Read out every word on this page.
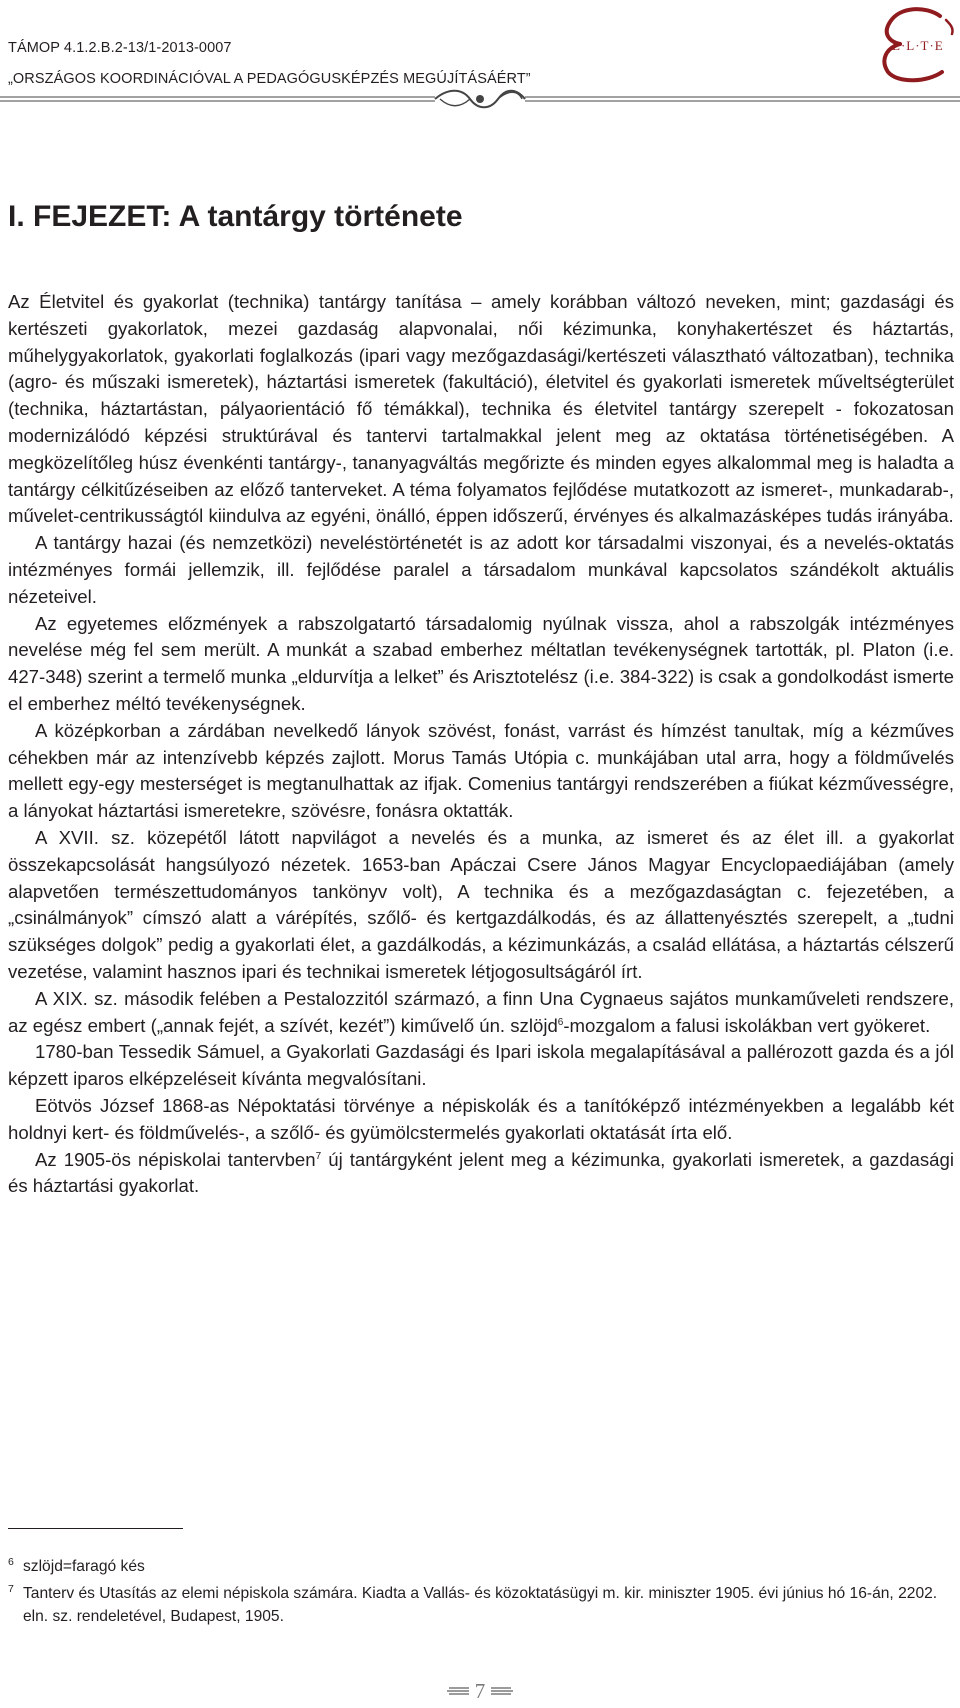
TÁMOP 4.1.2.B.2-13/1-2013-0007
„ORSZÁGOS KOORDINÁCIÓVAL A PEDAGÓGUSKÉPZÉS MEGÚJÍTÁSÁÉRT”
E·L·T·E
I. FEJEZET: A tantárgy története

Az Életvitel és gyakorlat (technika) tantárgy tanítása – amely korábban változó neveken, mint; gazdasági és kertészeti gyakorlatok, mezei gazdaság alapvonalai, női kézimunka, konyhakertészet és háztartás, műhelygyakorlatok, gyakorlati foglalkozás (ipari vagy mezőgazdasági/kertészeti választható változatban), technika (agro- és műszaki ismeretek), háztartási ismeretek (fakultáció), életvitel és gyakorlati ismeretek műveltségterület (technika, háztartástan, pályaorientáció fő témákkal), technika és életvitel tantárgy szerepelt - fokozatosan modernizálódó képzési struktúrával és tantervi tartalmakkal jelent meg az oktatása történetiségében. A megközelítőleg húsz évenkénti tantárgy-, tananyagváltás megőrizte és minden egyes alkalommal meg is haladta a tantárgy célkitűzéseiben az előző tanterveket. A téma folyamatos fejlődése mutatkozott az ismeret-, munkadarab-, művelet-centrikusságtól kiindulva az egyéni, önálló, éppen időszerű, érvényes és alkalmazásképes tudás irányába.

A tantárgy hazai (és nemzetközi) neveléstörténetét is az adott kor társadalmi viszonyai, és a nevelés-oktatás intézményes formái jellemzik, ill. fejlődése paralel a társadalom munkával kapcsolatos szándékolt aktuális nézeteivel.

Az egyetemes előzmények a rabszolgatartó társadalomig nyúlnak vissza, ahol a rabszolgák intézményes nevelése még fel sem merült. A munkát a szabad emberhez méltatlan tevékenységnek tartották, pl. Platon (i.e. 427-348) szerint a termelő munka „eldurvítja a lelket” és Arisztotelész (i.e. 384-322) is csak a gondolkodást ismerte el emberhez méltó tevékenységnek.

A középkorban a zárdában nevelkedő lányok szövést, fonást, varrást és hímzést tanultak, míg a kézműves céhekben már az intenzívebb képzés zajlott. Morus Tamás Utópia c. munkájában utal arra, hogy a földművelés mellett egy-egy mesterséget is megtanulhattak az ifjak. Comenius tantárgyi rendszerében a fiúkat kézművességre, a lányokat háztartási ismeretekre, szövésre, fonásra oktatták.

A XVII. sz. közepétől látott napvilágot a nevelés és a munka, az ismeret és az élet ill. a gyakorlat összekapcsolását hangsúlyozó nézetek. 1653-ban Apáczai Csere János Magyar Encyclopaediájában (amely alapvetően természettudományos tankönyv volt), A technika és a mezőgazdaságtan c. fejezetében, a „csinálmányok” címszó alatt a várépítés, szőlő- és kertgazdálkodás, és az állattenyésztés szerepelt, a „tudni szükséges dolgok” pedig a gyakorlati élet, a gazdálkodás, a kézimunkázás, a család ellátása, a háztartás célszerű vezetése, valamint hasznos ipari és technikai ismeretek létjogosultságáról írt.

A XIX. sz. második felében a Pestalozzitól származó, a finn Una Cygnaeus sajátos munkaműveleti rendszere, az egész embert („annak fejét, a szívét, kezét”) kiművelő ún. szlöjd$^6$-mozgalom a falusi iskolákban vert gyökeret.

1780-ban Tessedik Sámuel, a Gyakorlati Gazdasági és Ipari iskola megalapításával a pallérozott gazda és a jól képzett iparos elképzeléseit kívánta megvalósítani.

Eötvös József 1868-as Népoktatási törvénye a népiskolák és a tanítóképző intézményekben a legalább két holdnyi kert- és földművelés-, a szőlő- és gyümölcstermelés gyakorlati oktatását írta elő.

Az 1905-ös népiskolai tantervben$^7$ új tantárgyként jelent meg a kézimunka, gyakorlati ismeretek, a gazdasági és háztartási gyakorlat.

6 szlöjd=faragó kés
7 Tanterv és Utasítás az elemi népiskola számára. Kiadta a Vallás- és közoktatásügyi m. kir. miniszter 1905. évi június hó 16-án, 2202. eln. sz. rendeletével, Budapest, 1905.
7
